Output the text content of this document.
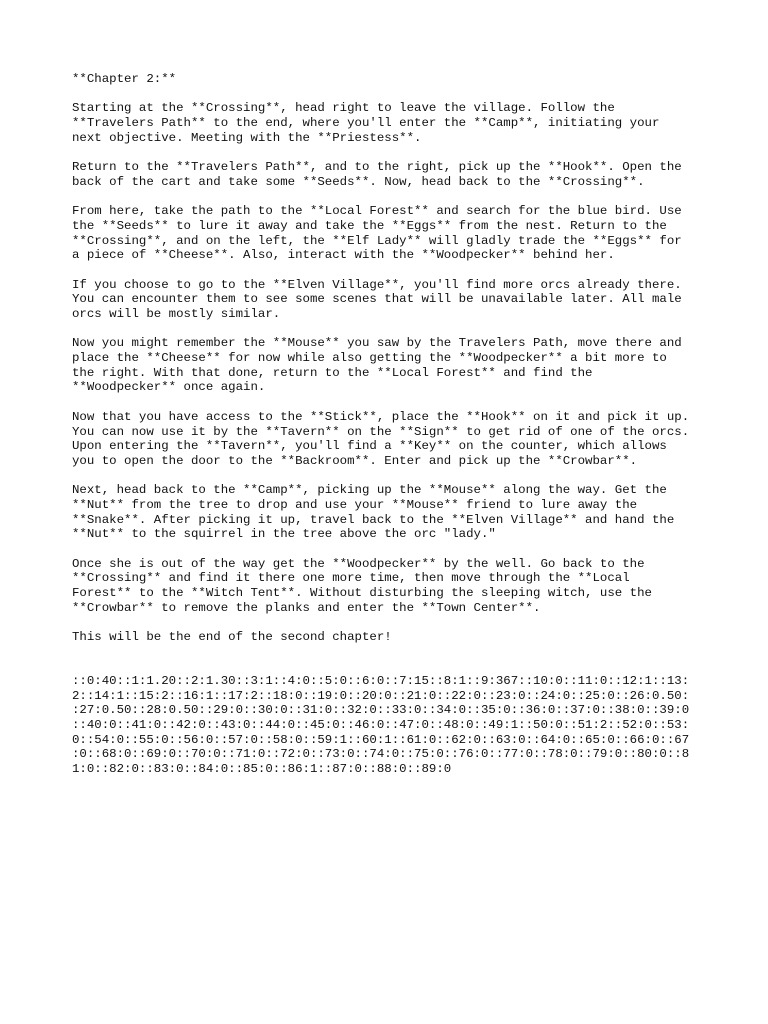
**Chapter 2:**
Starting at the **Crossing**, head right to leave the village. Follow the
**Travelers Path** to the end, where you'll enter the **Camp**, initiating your
next objective. Meeting with the **Priestess**.
Return to the **Travelers Path**, and to the right, pick up the **Hook**. Open the
back of the cart and take some **Seeds**. Now, head back to the **Crossing**.
From here, take the path to the **Local Forest** and search for the blue bird. Use
the **Seeds** to lure it away and take the **Eggs** from the nest. Return to the
**Crossing**, and on the left, the **Elf Lady** will gladly trade the **Eggs** for
a piece of **Cheese**. Also, interact with the **Woodpecker** behind her.
If you choose to go to the **Elven Village**, you'll find more orcs already there.
You can encounter them to see some scenes that will be unavailable later. All male
orcs will be mostly similar.
Now you might remember the **Mouse** you saw by the Travelers Path, move there and
place the **Cheese** for now while also getting the **Woodpecker** a bit more to
the right. With that done, return to the **Local Forest** and find the
**Woodpecker** once again.
Now that you have access to the **Stick**, place the **Hook** on it and pick it up.
You can now use it by the **Tavern** on the **Sign** to get rid of one of the orcs.
Upon entering the **Tavern**, you'll find a **Key** on the counter, which allows
you to open the door to the **Backroom**. Enter and pick up the **Crowbar**.
Next, head back to the **Camp**, picking up the **Mouse** along the way. Get the
**Nut** from the tree to drop and use your **Mouse** friend to lure away the
**Snake**. After picking it up, travel back to the **Elven Village** and hand the
**Nut** to the squirrel in the tree above the orc "lady."
Once she is out of the way get the **Woodpecker** by the well. Go back to the
**Crossing** and find it there one more time, then move through the **Local
Forest** to the **Witch Tent**. Without disturbing the sleeping witch, use the
**Crowbar** to remove the planks and enter the **Town Center**.
This will be the end of the second chapter!
::0:40::1:1.20::2:1.30::3:1::4:0::5:0::6:0::7:15::8:1::9:367::10:0::11:0::12:1::13:
2::14:1::15:2::16:1::17:2::18:0::19:0::20:0::21:0::22:0::23:0::24:0::25:0::26:0.50:
:27:0.50::28:0.50::29:0::30:0::31:0::32:0::33:0::34:0::35:0::36:0::37:0::38:0::39:0
::40:0::41:0::42:0::43:0::44:0::45:0::46:0::47:0::48:0::49:1::50:0::51:2::52:0::53:
0::54:0::55:0::56:0::57:0::58:0::59:1::60:1::61:0::62:0::63:0::64:0::65:0::66:0::67
:0::68:0::69:0::70:0::71:0::72:0::73:0::74:0::75:0::76:0::77:0::78:0::79:0::80:0::8
1:0::82:0::83:0::84:0::85:0::86:1::87:0::88:0::89:0
